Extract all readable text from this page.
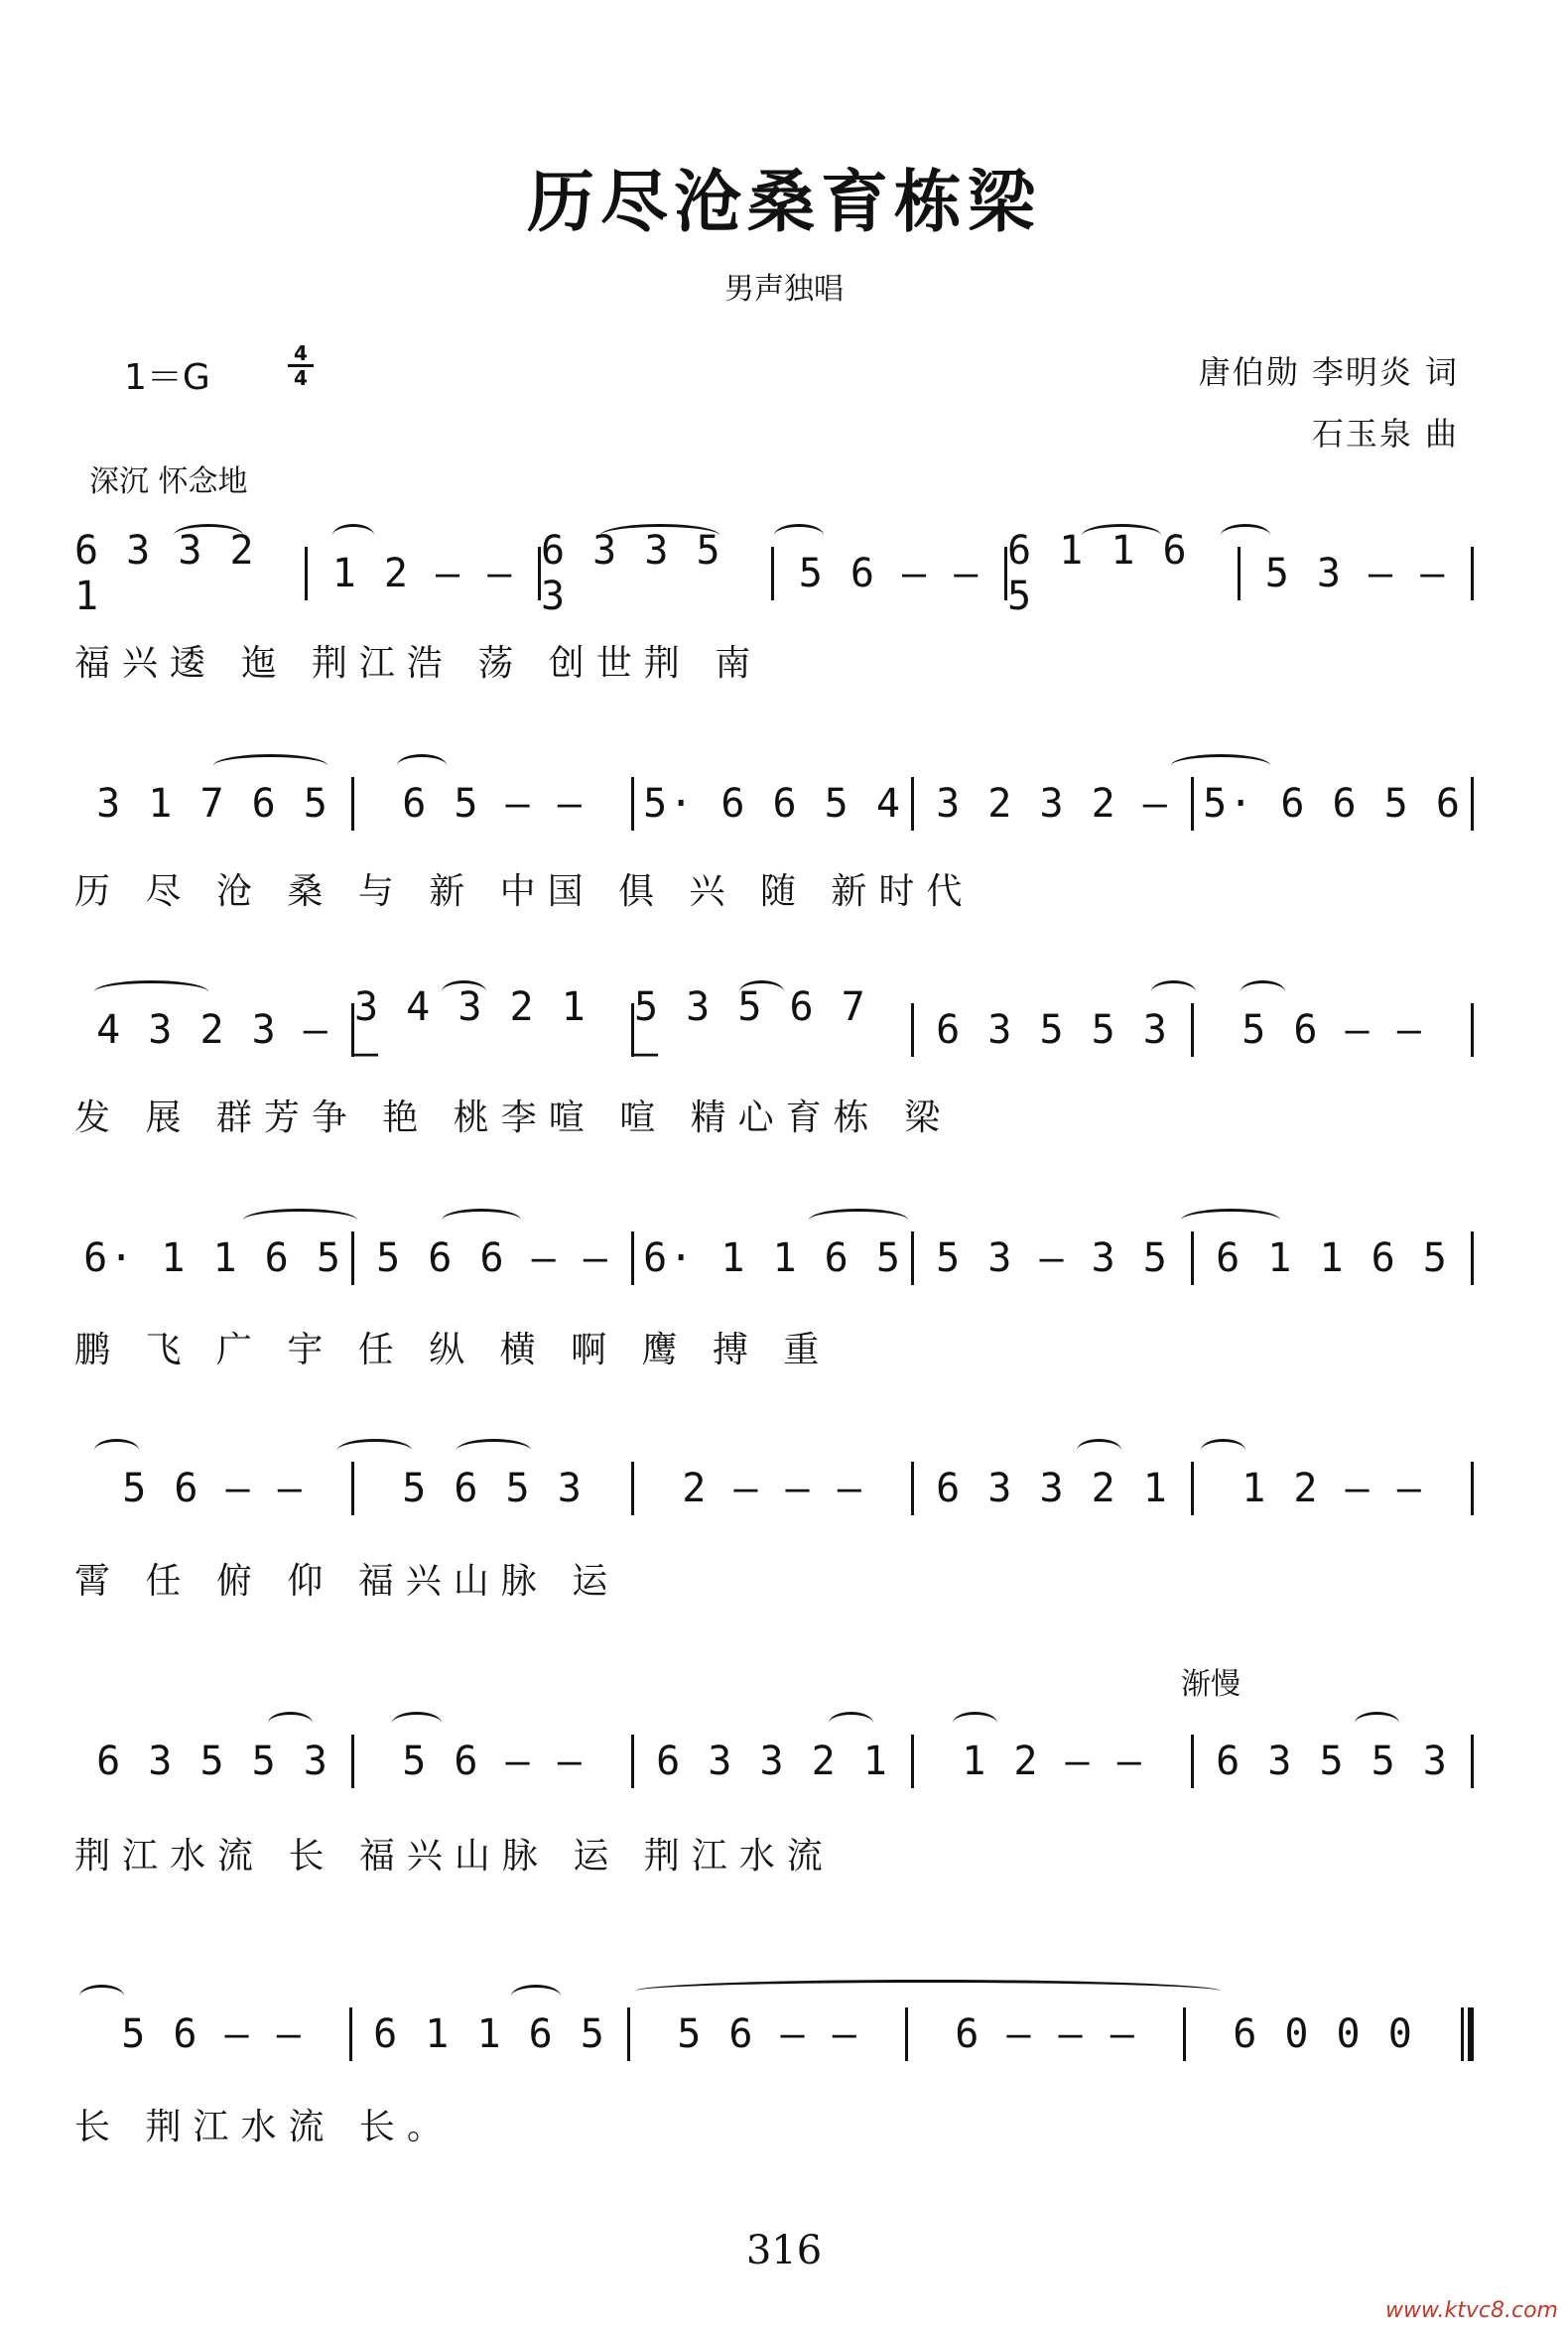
历尽沧桑育栋梁
男声独唱
1＝G
4
4	唐伯勋 李明炎 词
石玉泉 曲
深沉 怀念地
渐慢
6 3 3 2 1	1 2 – – 6 3 3 5 3	5 6 – – 6 1 1 6 5	5 3 – –
福兴逶 迤 荆江浩 荡 创世荆 南
3 1 7 6 5	6 5 – –	5· 6 6 5 4 3 2 3 2 – 5· 6 6 5 6
历 尽 沧 桑 与 新 中国 俱 兴 随 新时代
4 3 2 3 – 3 4 3 2 1 –
5 3 5 6 7 –	6 3 5 5 3	5 6 – –
发 展 群芳争 艳 桃李喧 喧 精心育栋 梁
6· 1 1 6 5 5 6 6 – – 6· 1 1 6 5 5 3 – 3 5	6 1 1 6 5
鹏 飞 广 宇 任 纵 横 啊 鹰 搏 重
5 6 – –	5 6 5 3	2 – – –	6 3 3 2 1	1 2 – –
霄 任 俯 仰 福兴山脉 运
6 3 5 5 3	5 6 – –	6 3 3 2 1	1 2 – –	6 3 5 5 3
荆江水流 长 福兴山脉 运 荆江水流
5 6 – –	6 1 1 6 5	5 6 – –	6 – – –	6 0 0 0
长 荆江水流 长。
316
www.ktvc8.com
